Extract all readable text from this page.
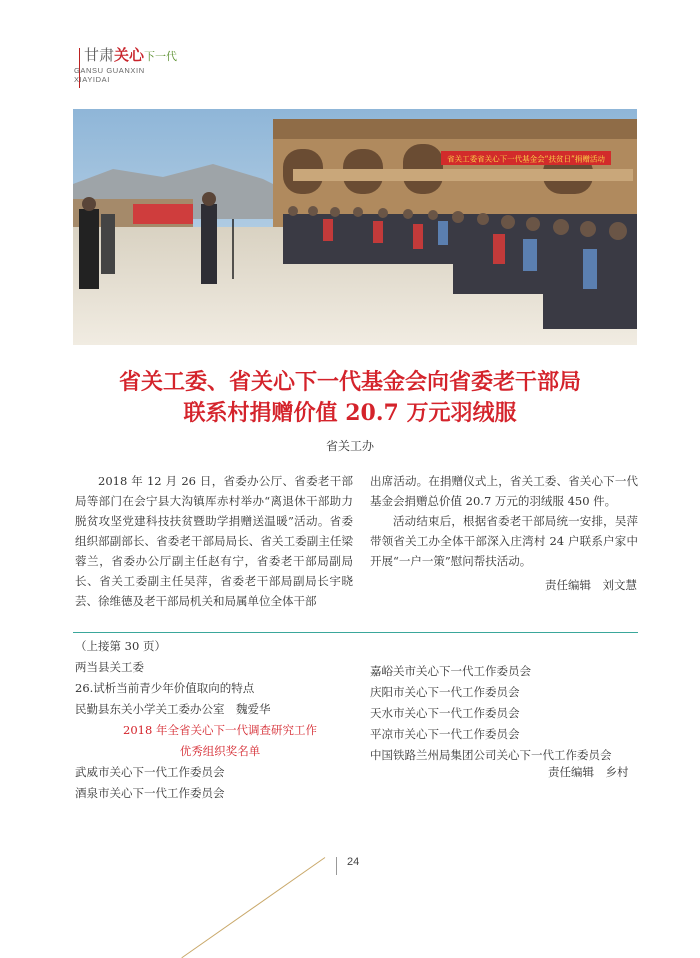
甘肃关心下一代
GANSU GUANXIN
XIAYIDAI
省关工委省关心下一代基金会“扶贫日”捐赠活动
省关工委、省关心下一代基金会向省委老干部局
联系村捐赠价值 20.7 万元羽绒服
省关工办

2018 年 12 月 26 日，省委办公厅、省委老干部局等部门在会宁县大沟镇厍赤村举办“离退休干部助力脱贫攻坚党建科技扶贫暨助学捐赠送温暖”活动。省委组织部副部长、省委老干部局局长、省关工委副主任梁蓉兰，省委办公厅副主任赵有宁，省委老干部局副局长、省关工委副主任吴萍，省委老干部局副局长宇晓芸、徐维德及老干部局机关和局属单位全体干部

出席活动。在捐赠仪式上，省关工委、省关心下一代基金会捐赠总价值 20.7 万元的羽绒服 450 件。

活动结束后，根据省委老干部局统一安排，吴萍带领省关工办全体干部深入庄湾村 24 户联系户家中开展“一户一策”慰问帮扶活动。

责任编辑　刘文慧
（上接第 30 页）
两当县关工委
26.试析当前青少年价值取向的特点
民勤县东关小学关工委办公室　魏爱华
2018 年全省关心下一代调查研究工作
优秀组织奖名单
武威市关心下一代工作委员会
酒泉市关心下一代工作委员会
嘉峪关市关心下一代工作委员会
庆阳市关心下一代工作委员会
天水市关心下一代工作委员会
平凉市关心下一代工作委员会
中国铁路兰州局集团公司关心下一代工作委员会
责任编辑　乡村
24
